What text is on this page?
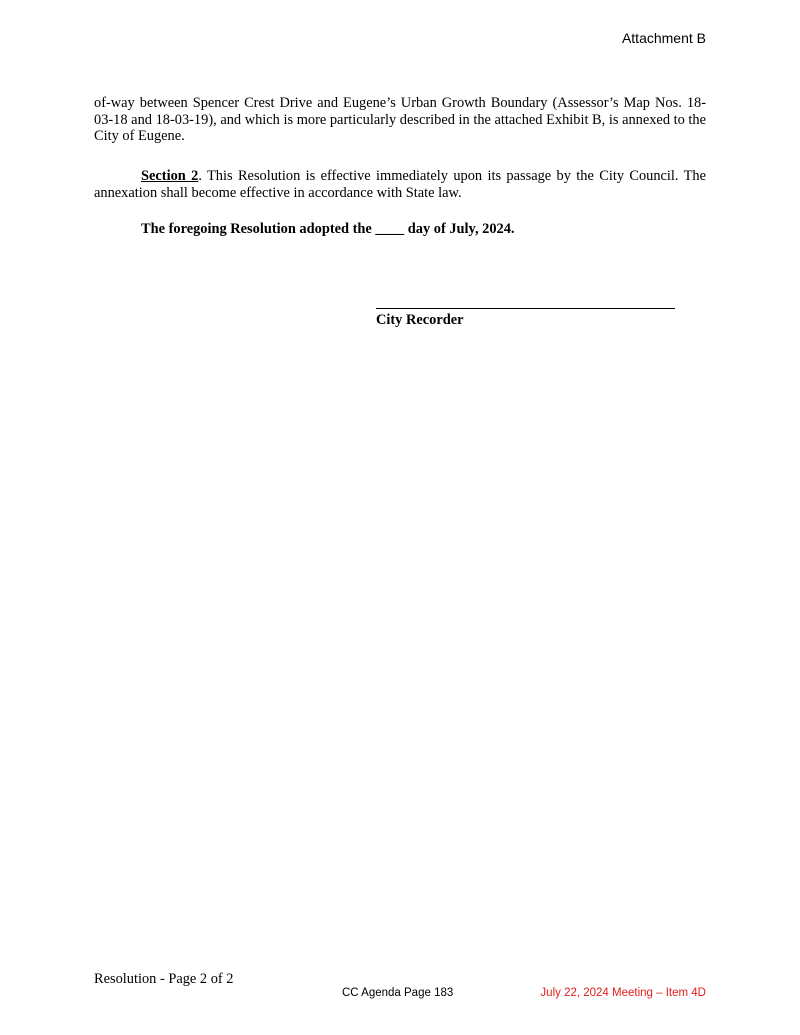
Attachment B
of-way between Spencer Crest Drive and Eugene’s Urban Growth Boundary (Assessor’s Map Nos. 18-03-18 and 18-03-19), and which is more particularly described in the attached Exhibit B, is annexed to the City of Eugene.
Section 2. This Resolution is effective immediately upon its passage by the City Council. The annexation shall become effective in accordance with State law.
The foregoing Resolution adopted the ____ day of July, 2024.
City Recorder
Resolution - Page 2 of 2
CC Agenda Page 183	July 22, 2024 Meeting – Item 4D
